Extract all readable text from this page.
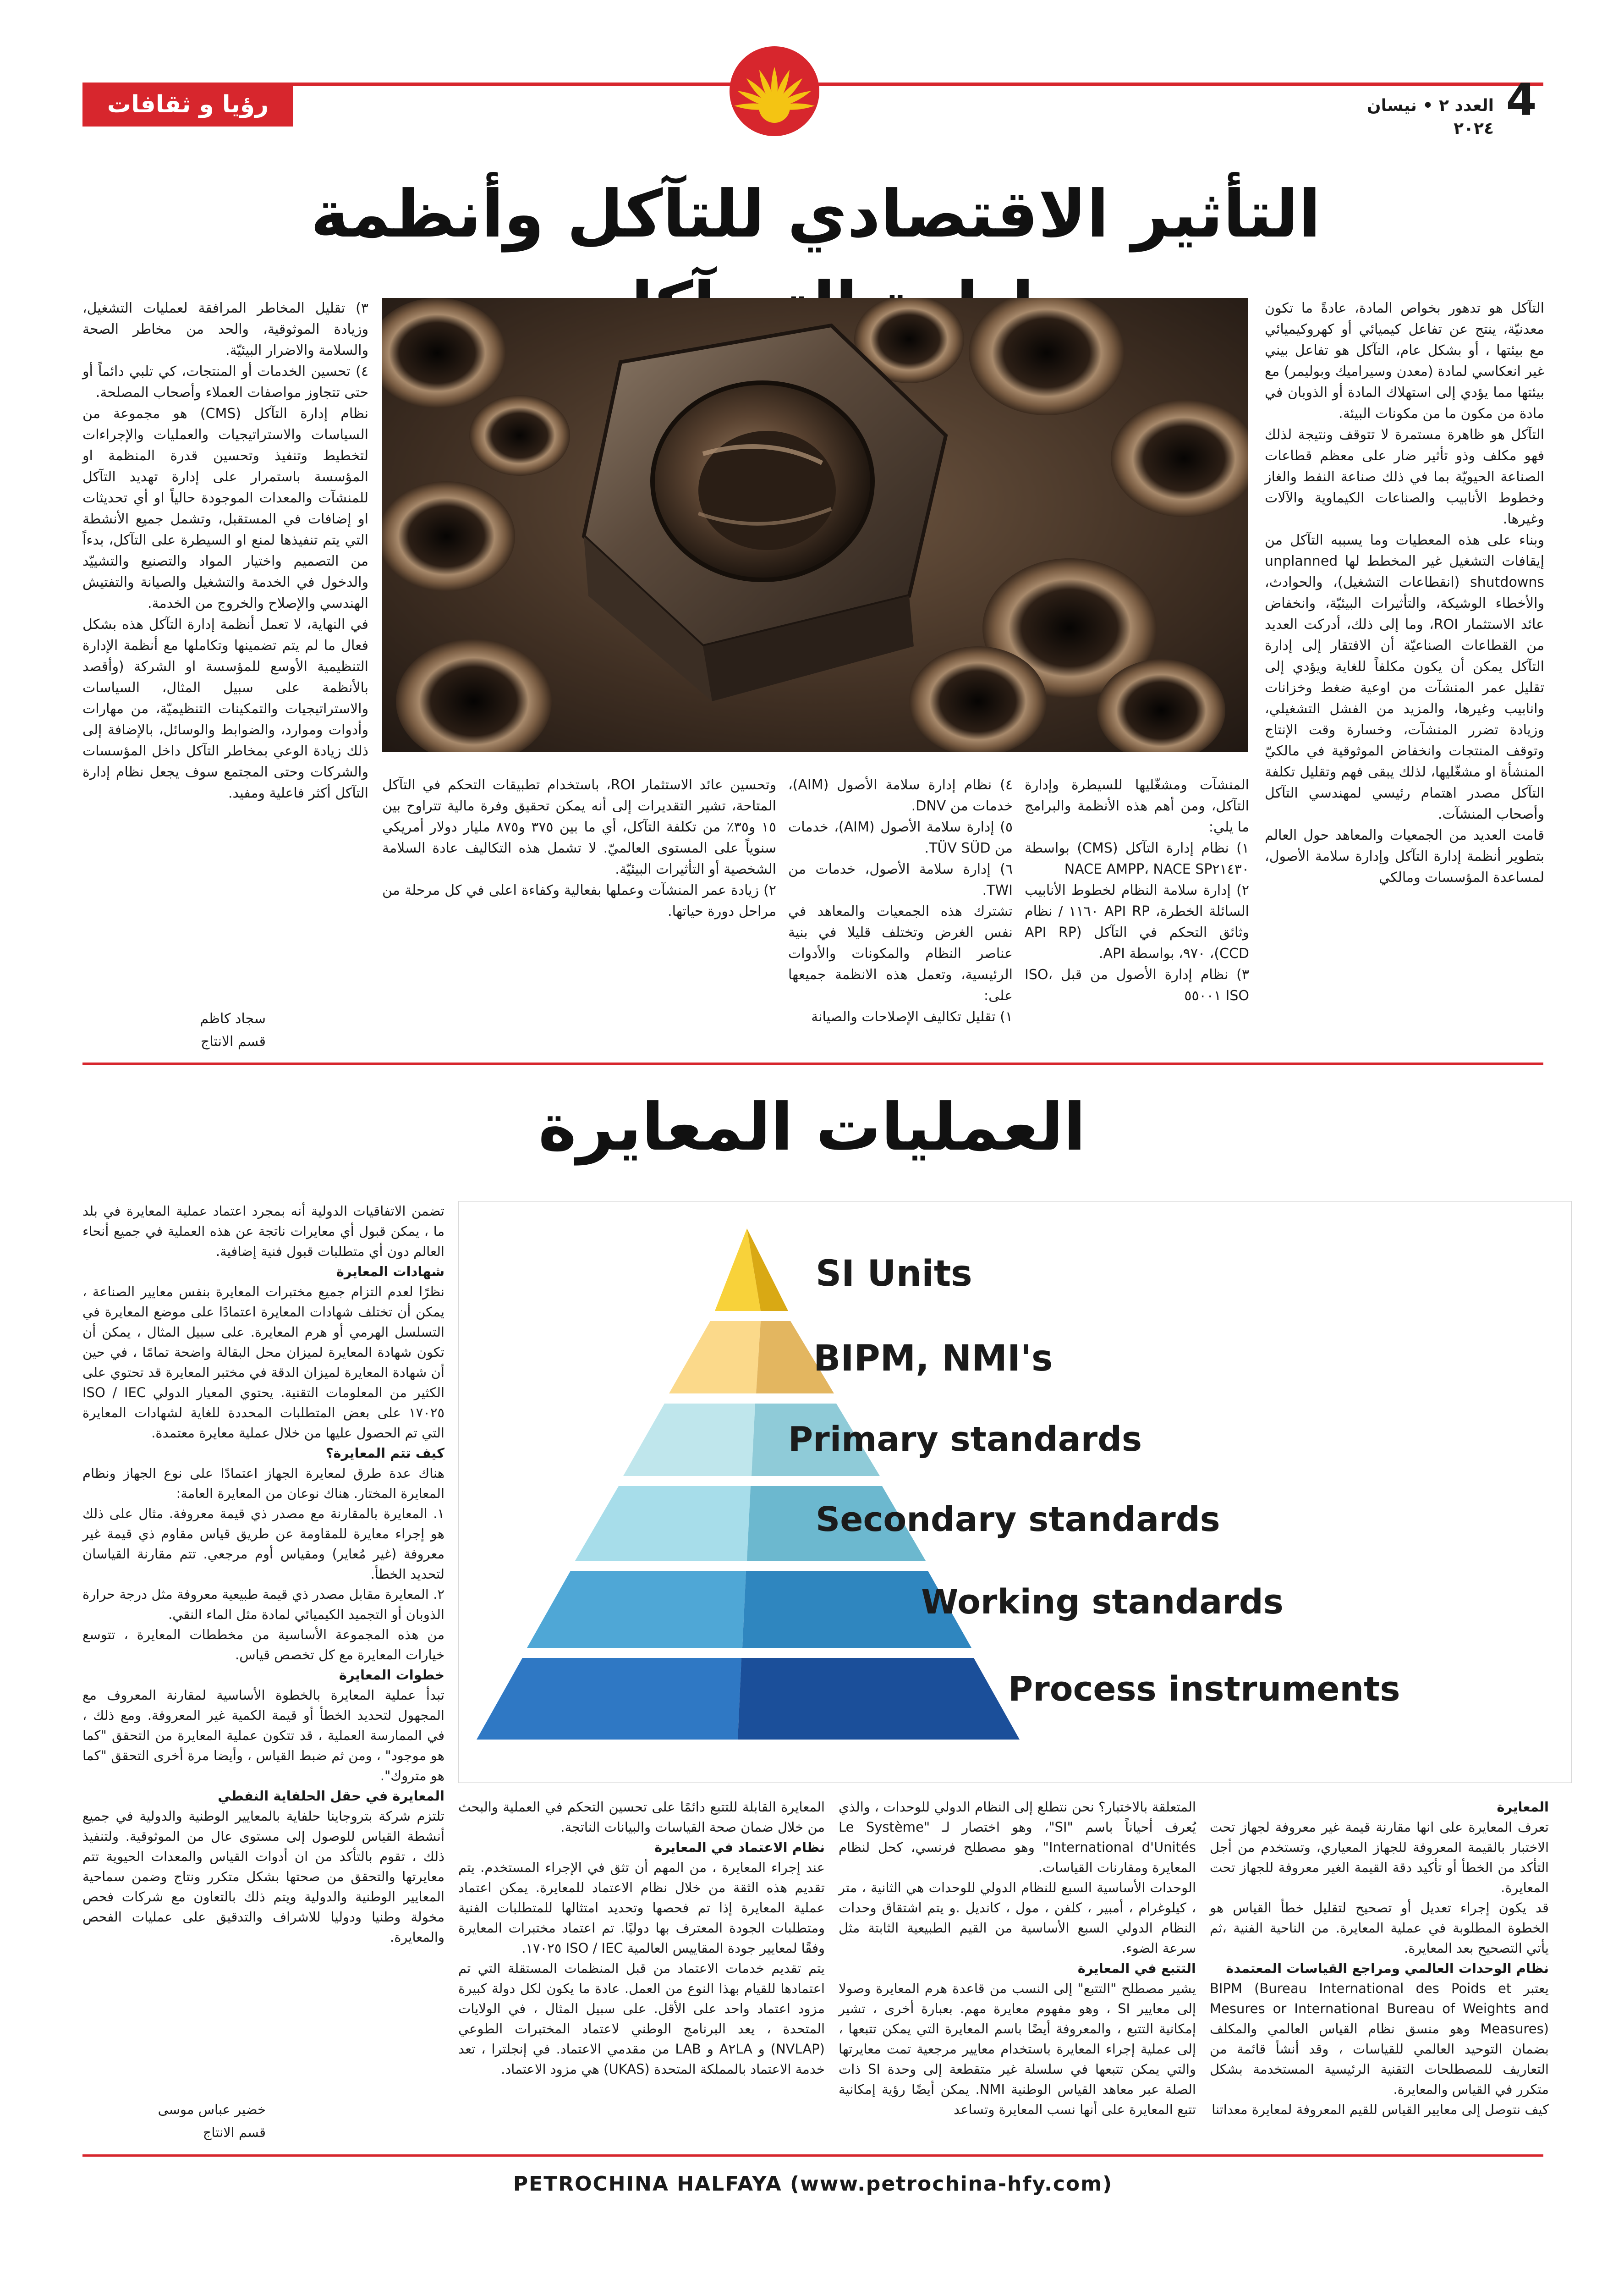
4
العدد ٢ • نيسان ٢٠٢٤
رؤيا و ثقافات
التأثير الاقتصادي للتآكل وأنظمة

التآكل هو تدهور بخواص المادة، عادةً ما تكون معدنيّة، ينتج عن تفاعل كيميائي أو كهروكيميائي مع بيئتها ، أو بشكل عام، التآكل هو تفاعل بيني غير انعكاسي لمادة (معدن وسيراميك وبوليمر) مع بيئتها مما يؤدي إلى استهلاك المادة أو الذوبان في مادة من مكون ما من مكونات البيئة.

التآكل هو ظاهرة مستمرة لا تتوقف ونتيجة لذلك فهو مكلف وذو تأثير ضار على معظم قطاعات الصناعة الحيويّة بما في ذلك صناعة النفط والغاز وخطوط الأنابيب والصناعات الكيماوية والآلات وغيرها.

وبناء على هذه المعطيات وما يسببه التآكل من إيقافات التشغيل غير المخطط لها unplanned shutdowns (انقطاعات التشغيل)، والحوادث، والأخطاء الوشيكة، والتأثيرات البيئيّة، وانخفاض عائد الاستثمار ROI، وما إلى ذلك، أدركت العديد من القطاعات الصناعيّة أن الافتقار إلى إدارة التآكل يمكن أن يكون مكلفاً للغاية ويؤدي إلى تقليل عمر المنشآت من اوعية ضغط وخزانات وانابيب وغيرها، والمزيد من الفشل التشغيلي، وزيادة تضرر المنشآت، وخسارة وقت الإنتاج وتوقف المنتجات وانخفاض الموثوقية في مالكيّ المنشأة او مشغّليها، لذلك يبقى فهم وتقليل تكلفة التآكل مصدر اهتمام رئيسي لمهندسي التآكل وأصحاب المنشآت.

قامت العديد من الجمعيات والمعاهد حول العالم بتطوير أنظمة إدارة التآكل وإدارة سلامة الأصول، لمساعدة المؤسسات ومالكي

المنشآت ومشغّليها للسيطرة وإدارة التآكل، ومن أهم هذه الأنظمة والبرامج ما يلي:

١) نظام إدارة التآكل (CMS) بواسطة NACE AMPP، NACE SP٢١٤٣٠

٢) إدارة سلامة النظام لخطوط الأنابيب السائلة الخطرة، API RP ١١٦٠ / نظام وثائق التحكم في التآكل (API RP CCD)، ٩٧٠، بواسطة API.

٣) نظام إدارة الأصول من قبل ISO، ISO ٥٥٠٠١

٤) نظام إدارة سلامة الأصول (AIM)، خدمات من DNV.

٥) إدارة سلامة الأصول (AIM)، خدمات من TÜV SÜD.

٦) إدارة سلامة الأصول، خدمات من TWI.

تشترك هذه الجمعيات والمعاهد في نفس الغرض وتختلف قليلا في بنية عناصر النظام والمكونات والأدوات الرئيسية، وتعمل هذه الانظمة جميعها على:

١) تقليل تكاليف الإصلاحات والصيانة

وتحسين عائد الاستثمار ROI، باستخدام تطبيقات التحكم في التآكل المتاحة، تشير التقديرات إلى أنه يمكن تحقيق وفرة مالية تتراوح بين ١٥ و٣٥٪ من تكلفة التآكل، أي ما بين ٣٧٥ و٨٧٥ مليار دولار أمريكي سنوياً على المستوى العالميّ. لا تشمل هذه التكاليف عادة السلامة الشخصية أو التأثيرات البيئيّة.

٢) زيادة عمر المنشآت وعملها بفعالية وكفاءة اعلى في كل مرحلة من مراحل دورة حياتها.

٣) تقليل المخاطر المرافقة لعمليات التشغيل، وزيادة الموثوقية، والحد من مخاطر الصحة والسلامة والاضرار البيئيّة.

٤) تحسين الخدمات أو المنتجات، كي تلبي دائماً أو حتى تتجاوز مواصفات العملاء وأصحاب المصلحة.

نظام إدارة التآكل (CMS) هو مجموعة من السياسات والاستراتيجيات والعمليات والإجراءات لتخطيط وتنفيذ وتحسين قدرة المنظمة او المؤسسة باستمرار على إدارة تهديد التآكل للمنشآت والمعدات الموجودة حالياً او أي تحديثات او إضافات في المستقبل، وتشمل جميع الأنشطة التي يتم تنفيذها لمنع او السيطرة على التآكل، بدءاً من التصميم واختيار المواد والتصنيع والتشييّد والدخول في الخدمة والتشغيل والصيانة والتفتيش الهندسي والإصلاح والخروج من الخدمة.

في النهاية، لا تعمل أنظمة إدارة التآكل هذه بشكل فعال ما لم يتم تضمينها وتكاملها مع أنظمة الإدارة التنظيمية الأوسع للمؤسسة او الشركة (وأقصد بالأنظمة على سبيل المثال، السياسات والاستراتيجيات والتمكينات التنظيميّة، من مهارات وأدوات وموارد، والضوابط والوسائل، بالإضافة إلى ذلك زيادة الوعي بمخاطر التآكل داخل المؤسسات والشركات وحتى المجتمع سوف يجعل نظام إدارة التآكل أكثر فاعلية ومفيد.

سجاد كاظم
قسم الانتاج
العمليات المعايرة
SI Units
BIPM, NMI's
Primary standards
Secondary standards
Working standards
Process instruments

تضمن الاتفاقيات الدولية أنه بمجرد اعتماد عملية المعايرة في بلد ما ، يمكن قبول أي معايرات ناتجة عن هذه العملية في جميع أنحاء العالم دون أي متطلبات قبول فنية إضافية.

شهادات المعايرة

نظرًا لعدم التزام جميع مختبرات المعايرة بنفس معايير الصناعة ، يمكن أن تختلف شهادات المعايرة اعتمادًا على موضع المعايرة في التسلسل الهرمي أو هرم المعايرة. على سبيل المثال ، يمكن أن تكون شهادة المعايرة لميزان محل البقالة واضحة تمامًا ، في حين أن شهادة المعايرة لميزان الدقة في مختبر المعايرة قد تحتوي على الكثير من المعلومات التقنية. يحتوي المعيار الدولي ISO / IEC ١٧٠٢٥ على بعض المتطلبات المحددة للغاية لشهادات المعايرة التي تم الحصول عليها من خلال عملية معايرة معتمدة.

كيف تتم المعايرة؟

هناك عدة طرق لمعايرة الجهاز اعتمادًا على نوع الجهاز ونظام المعايرة المختار. هناك نوعان من المعايرة العامة:

١. المعايرة بالمقارنة مع مصدر ذي قيمة معروفة. مثال على ذلك هو إجراء معايرة للمقاومة عن طريق قياس مقاوم ذي قيمة غير معروفة (غير مُعاير) ومقياس أوم مرجعي. تتم مقارنة القياسان لتحديد الخطأ.

٢. المعايرة مقابل مصدر ذي قيمة طبيعية معروفة مثل درجة حرارة الذوبان أو التجميد الكيميائي لمادة مثل الماء النقي.

من هذه المجموعة الأساسية من مخططات المعايرة ، تتوسع خيارات المعايرة مع كل تخصص قياس.

خطوات المعايرة

تبدأ عملية المعايرة بالخطوة الأساسية لمقارنة المعروف مع المجهول لتحديد الخطأ أو قيمة الكمية غير المعروفة. ومع ذلك ، في الممارسة العملية ، قد تتكون عملية المعايرة من التحقق "كما هو موجود" ، ومن ثم ضبط القياس ، وأيضا مرة أخرى التحقق "كما هو متروك".

المعايرة في حقل الحلفاية النفطي

تلتزم شركة بتروجاينا حلفاية بالمعايير الوطنية والدولية في جميع أنشطة القياس للوصول إلى مستوى عال من الموثوقية. ولتنفيذ ذلك ، تقوم بالتأكد من ان أدوات القياس والمعدات الحيوية تتم معايرتها والتحقق من صحتها بشكل متكرر ونتاج وضمن سماحية المعايير الوطنية والدولية ويتم ذلك بالتعاون مع شركات فحص مخولة وطنيا ودوليا للاشراف والتدقيق على عمليات الفحص والمعايرة.

خضير عباس موسى
قسم الانتاج

المعايرة

تعرف المعايرة على انها مقارنة قيمة غير معروفة لجهاز تحت الاختبار بالقيمة المعروفة للجهاز المعياري، وتستخدم من أجل التأكد من الخطأ أو تأكيد دقة القيمة الغير معروفة للجهاز تحت المعايرة.

قد يكون إجراء تعديل أو تصحيح لتقليل خطأ القياس هو الخطوة المطلوبة في عملية المعايرة. من الناحية الفنية ،ثم يأتي التصحيح بعد المعايرة.

نظام الوحدات العالمي ومراجع القياسات المعتمدة

يعتبر BIPM (Bureau International des Poids et Mesures or International Bureau of Weights and Measures) وهو منسق نظام القياس العالمي والمكلف بضمان التوحيد العالمي للقياسات ، وقد أنشأ قائمة من التعاريف للمصطلحات التقنية الرئيسية المستخدمة بشكل متكرر في القياس والمعايرة.

كيف نتوصل إلى معايير القياس للقيم المعروفة لمعايرة معداتنا

المتعلقة بالاختبار؟ نحن نتطلع إلى النظام الدولي للوحدات ، والذي يُعرف أحياناً باسم "SI"، وهو اختصار لـ "Le Système International d'Unités" وهو مصطلح فرنسي، كحل لنظام المعايرة ومقارنات القياسات.

الوحدات الأساسية السبع للنظام الدولي للوحدات هي الثانية ، متر ، كيلوغرام ، أمبير ، كلفن ، مول ، كانديل .و يتم اشتقاق وحدات النظام الدولي السبع الأساسية من القيم الطبيعية الثابتة مثل سرعة الضوء.

التتبع في المعايرة

يشير مصطلح "التتبع" إلى النسب من قاعدة هرم المعايرة وصولا إلى معايير SI ، وهو مفهوم معايرة مهم. بعبارة أخرى ، تشير إمكانية التتبع ، والمعروفة أيضًا باسم المعايرة التي يمكن تتبعها ، إلى عملية إجراء المعايرة باستخدام معايير مرجعية تمت معايرتها والتي يمكن تتبعها في سلسلة غير متقطعة إلى وحدة SI ذات الصلة عبر معاهد القياس الوطنية NMI. يمكن أيضًا رؤية إمكانية تتبع المعايرة على أنها نسب المعايرة وتساعد

المعايرة القابلة للتتبع دائمًا على تحسين التحكم في العملية والبحث من خلال ضمان صحة القياسات والبيانات الناتجة.

نظام الاعتماد في المعايرة

عند إجراء المعايرة ، من المهم أن تثق في الإجراء المستخدم. يتم تقديم هذه الثقة من خلال نظام الاعتماد للمعايرة. يمكن اعتماد عملية المعايرة إذا تم فحصها وتحديد امتثالها للمتطلبات الفنية ومتطلبات الجودة المعترف بها دوليًا. تم اعتماد مختبرات المعايرة وفقًا لمعايير جودة المقاييس العالمية ISO / IEC ١٧٠٢٥.

يتم تقديم خدمات الاعتماد من قبل المنظمات المستقلة التي تم اعتمادها للقيام بهذا النوع من العمل. عادة ما يكون لكل دولة كبيرة مزود اعتماد واحد على الأقل. على سبيل المثال ، في الولايات المتحدة ، يعد البرنامج الوطني لاعتماد المختبرات الطوعي (NVLAP) و A٢LA و LAB من مقدمي الاعتماد. في إنجلترا ، تعد خدمة الاعتماد بالمملكة المتحدة (UKAS) هي مزود الاعتماد.

PETROCHINA HALFAYA (www.petrochina-hfy.com)
